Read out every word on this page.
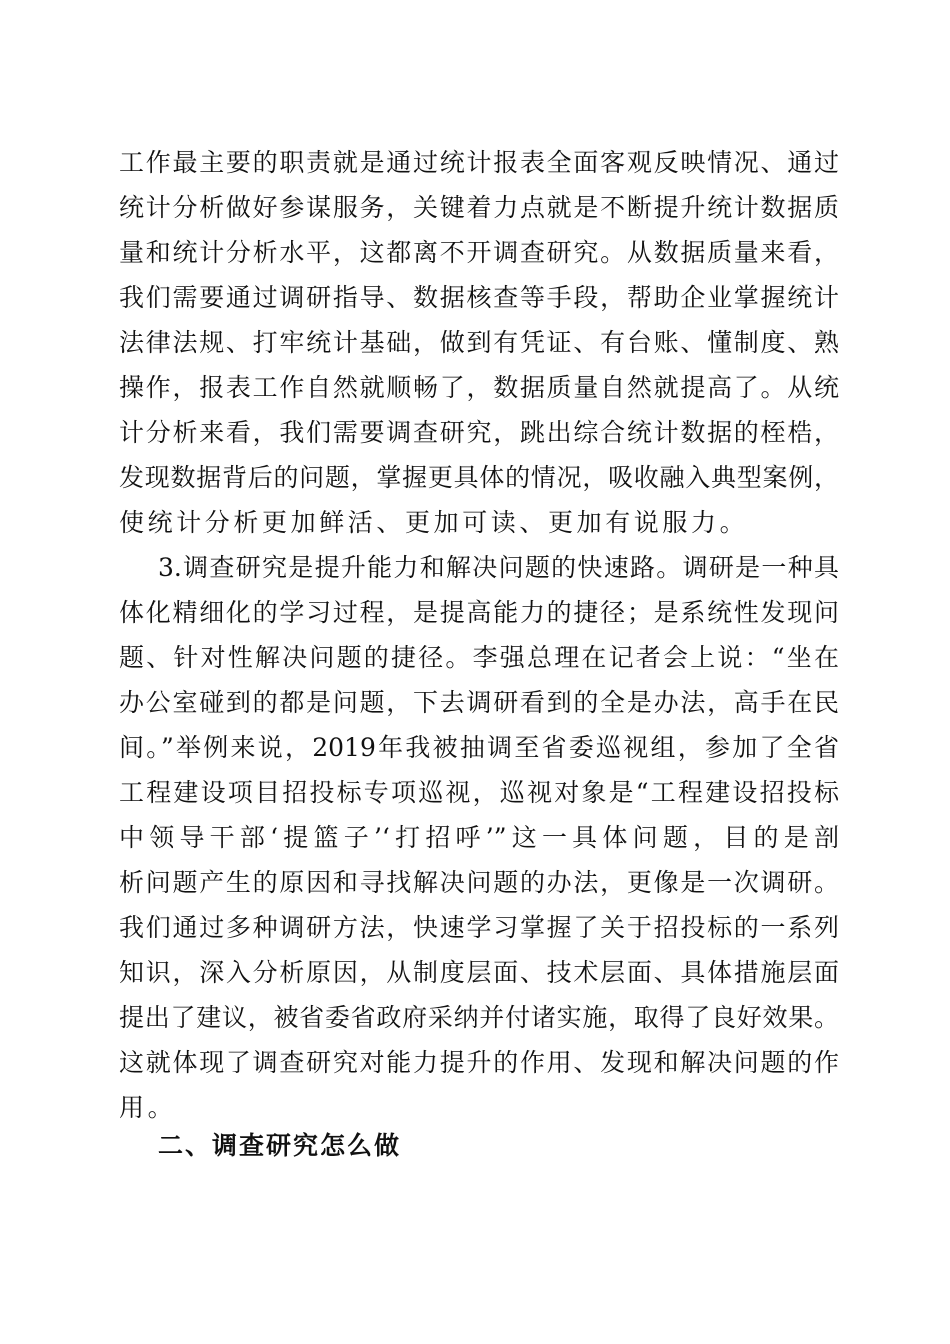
工作最主要的职责就是通过统计报表全面客观反映情况、通过
统计分析做好参谋服务，关键着力点就是不断提升统计数据质
量和统计分析水平，这都离不开调查研究。从数据质量来看，
我们需要通过调研指导、数据核查等手段，帮助企业掌握统计
法律法规、打牢统计基础，做到有凭证、有台账、懂制度、熟
操作，报表工作自然就顺畅了，数据质量自然就提高了。从统
计分析来看，我们需要调查研究，跳出综合统计数据的桎梏，
发现数据背后的问题，掌握更具体的情况，吸收融入典型案例，
使统计分析更加鲜活、更加可读、更加有说服力。
3.调查研究是提升能力和解决问题的快速路。调研是一种具
体化精细化的学习过程，是提高能力的捷径；是系统性发现问
题、针对性解决问题的捷径。李强总理在记者会上说：“坐在
办公室碰到的都是问题，下去调研看到的全是办法，高手在民
间。”举例来说，2019年我被抽调至省委巡视组，参加了全省
工程建设项目招投标专项巡视，巡视对象是“工程建设招投标
中领导干部‘提篮子’‘打招呼’”这一具体问题，目的是剖
析问题产生的原因和寻找解决问题的办法，更像是一次调研。
我们通过多种调研方法，快速学习掌握了关于招投标的一系列
知识，深入分析原因，从制度层面、技术层面、具体措施层面
提出了建议，被省委省政府采纳并付诸实施，取得了良好效果。
这就体现了调查研究对能力提升的作用、发现和解决问题的作
用。
二、调查研究怎么做
